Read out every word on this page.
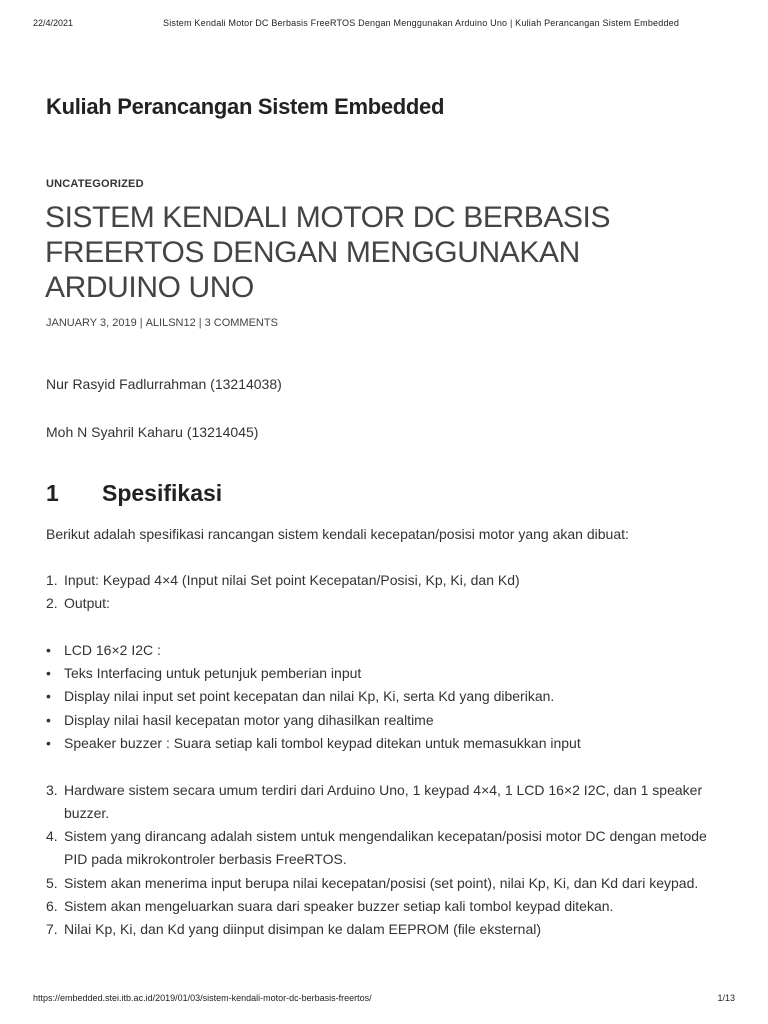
22/4/2021	Sistem Kendali Motor DC Berbasis FreeRTOS Dengan Menggunakan Arduino Uno | Kuliah Perancangan Sistem Embedded
Kuliah Perancangan Sistem Embedded
UNCATEGORIZED
SISTEM KENDALI MOTOR DC BERBASIS FREERTOS DENGAN MENGGUNAKAN ARDUINO UNO
JANUARY 3, 2019 | ALILSN12 | 3 COMMENTS
Nur Rasyid Fadlurrahman (13214038)
Moh N Syahril Kaharu (13214045)
1 Spesifikasi
Berikut adalah spesifikasi rancangan sistem kendali kecepatan/posisi motor yang akan dibuat:
1. Input: Keypad 4×4 (Input nilai Set point Kecepatan/Posisi, Kp, Ki, dan Kd)
2. Output:
• LCD 16×2 I2C :
• Teks Interfacing untuk petunjuk pemberian input
• Display nilai input set point kecepatan dan nilai Kp, Ki, serta Kd yang diberikan.
• Display nilai hasil kecepatan motor yang dihasilkan realtime
• Speaker buzzer : Suara setiap kali tombol keypad ditekan untuk memasukkan input
3. Hardware sistem secara umum terdiri dari Arduino Uno, 1 keypad 4×4, 1 LCD 16×2 I2C, dan 1 speaker buzzer.
4. Sistem yang dirancang adalah sistem untuk mengendalikan kecepatan/posisi motor DC dengan metode PID pada mikrokontroler berbasis FreeRTOS.
5. Sistem akan menerima input berupa nilai kecepatan/posisi (set point), nilai Kp, Ki, dan Kd dari keypad.
6. Sistem akan mengeluarkan suara dari speaker buzzer setiap kali tombol keypad ditekan.
7. Nilai Kp, Ki, dan Kd yang diinput disimpan ke dalam EEPROM (file eksternal)
https://embedded.stei.itb.ac.id/2019/01/03/sistem-kendali-motor-dc-berbasis-freertos/	1/13
